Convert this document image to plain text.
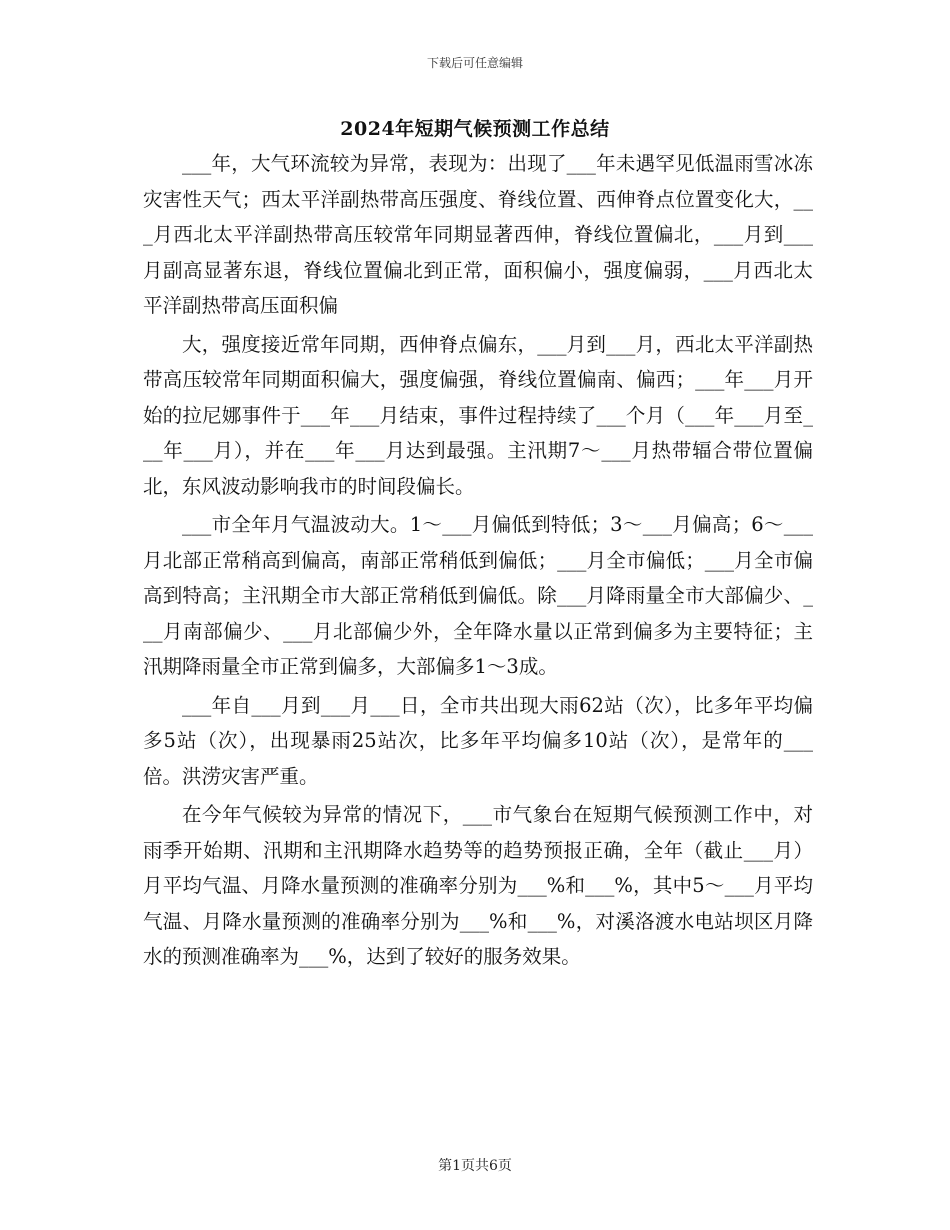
下载后可任意编辑
2024年短期气候预测工作总结

___年，大气环流较为异常，表现为：出现了___年未遇罕见低温雨雪冰冻灾害性天气；西太平洋副热带高压强度、脊线位置、西伸脊点位置变化大，___月西北太平洋副热带高压较常年同期显著西伸，脊线位置偏北，___月到___月副高显著东退，脊线位置偏北到正常，面积偏小，强度偏弱，___月西北太平洋副热带高压面积偏

大，强度接近常年同期，西伸脊点偏东，___月到___月，西北太平洋副热带高压较常年同期面积偏大，强度偏强，脊线位置偏南、偏西；___年___月开始的拉尼娜事件于___年___月结束，事件过程持续了___个月（___年___月至___年___月），并在___年___月达到最强。主汛期7～___月热带辐合带位置偏北，东风波动影响我市的时间段偏长。

___市全年月气温波动大。1～___月偏低到特低；3～___月偏高；6～___月北部正常稍高到偏高，南部正常稍低到偏低；___月全市偏低；___月全市偏高到特高；主汛期全市大部正常稍低到偏低。除___月降雨量全市大部偏少、___月南部偏少、___月北部偏少外，全年降水量以正常到偏多为主要特征；主汛期降雨量全市正常到偏多，大部偏多1～3成。

___年自___月到___月___日，全市共出现大雨62站（次），比多年平均偏多5站（次），出现暴雨25站次，比多年平均偏多10站（次），是常年的___倍。洪涝灾害严重。

在今年气候较为异常的情况下，___市气象台在短期气候预测工作中，对雨季开始期、汛期和主汛期降水趋势等的趋势预报正确，全年（截止___月）月平均气温、月降水量预测的准确率分别为___%和___%，其中5～___月平均气温、月降水量预测的准确率分别为___%和___%，对溪洛渡水电站坝区月降水的预测准确率为___%，达到了较好的服务效果。

第1页共6页
